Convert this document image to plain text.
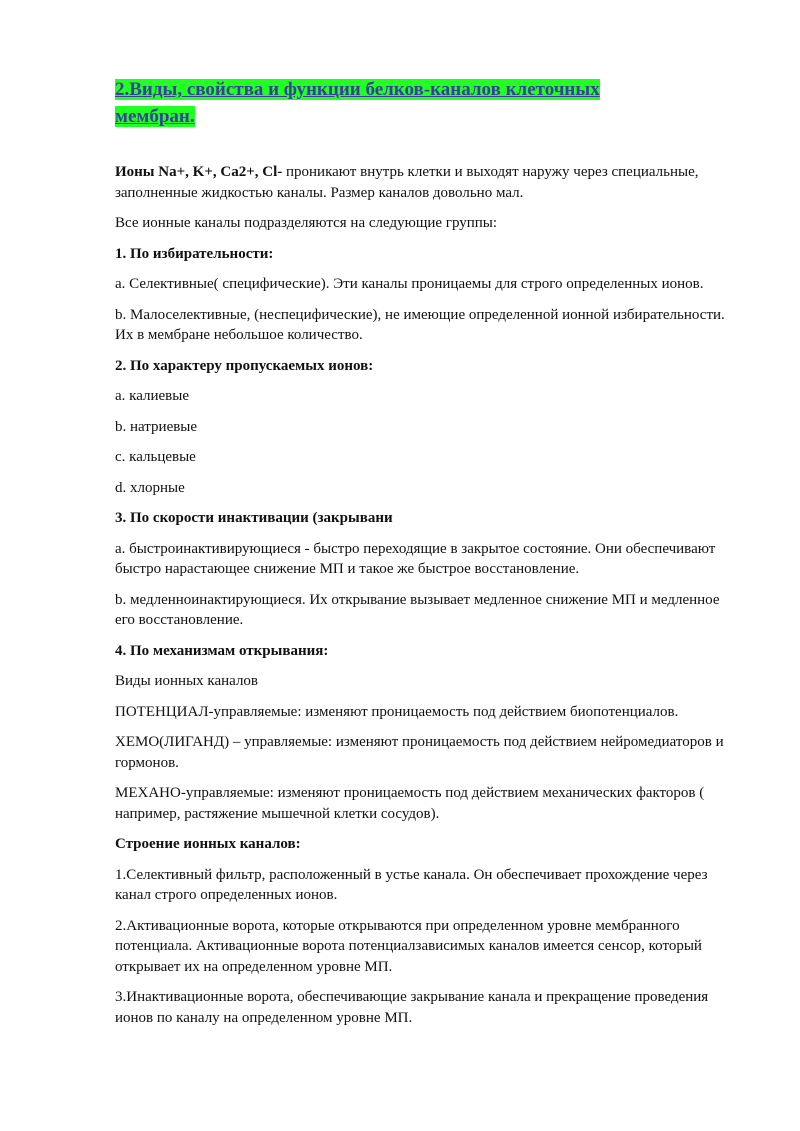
2.Виды, свойства и функции белков-каналов клеточных мембран.

Ионы Na+, K+, Ca2+, Cl- проникают внутрь клетки и выходят наружу через специальные, заполненные жидкостью каналы. Размер каналов довольно мал.

Все ионные каналы подразделяются на следующие группы:

1. По избирательности:

a. Селективные( специфические). Эти каналы проницаемы для строго определенных ионов.

b. Малоселективные, (неспецифические), не имеющие определенной ионной избирательности. Их в мембране небольшое количество.

2. По характеру пропускаемых ионов:

a. калиевые

b. натриевые

c. кальцевые

d. хлорные

3. По скорости инактивации (закрывани

a. быстроинактивирующиеся - быстро переходящие в закрытое состояние. Они обеспечивают быстро нарастающее снижение МП и такое же быстрое восстановление.

b. медленноинактирующиеся. Их открывание вызывает медленное снижение МП и медленное его восстановление.

4. По механизмам открывания:

Виды ионных каналов

ПОТЕНЦИАЛ-управляемые: изменяют проницаемость под действием биопотенциалов.

ХЕМО(ЛИГАНД) – управляемые: изменяют проницаемость под действием нейромедиаторов и гормонов.

МЕХАНО-управляемые: изменяют проницаемость под действием механических факторов ( например, растяжение мышечной клетки сосудов).

Строение ионных каналов:

1.Селективный фильтр, расположенный в устье канала. Он обеспечивает прохождение через канал строго определенных ионов.

2.Активационные ворота, которые открываются при определенном уровне мембранного потенциала. Активационные ворота потенциалзависимых каналов имеется сенсор, который открывает их на определенном уровне МП.

3.Инактивационные ворота, обеспечивающие закрывание канала и прекращение проведения ионов по каналу на определенном уровне МП.
